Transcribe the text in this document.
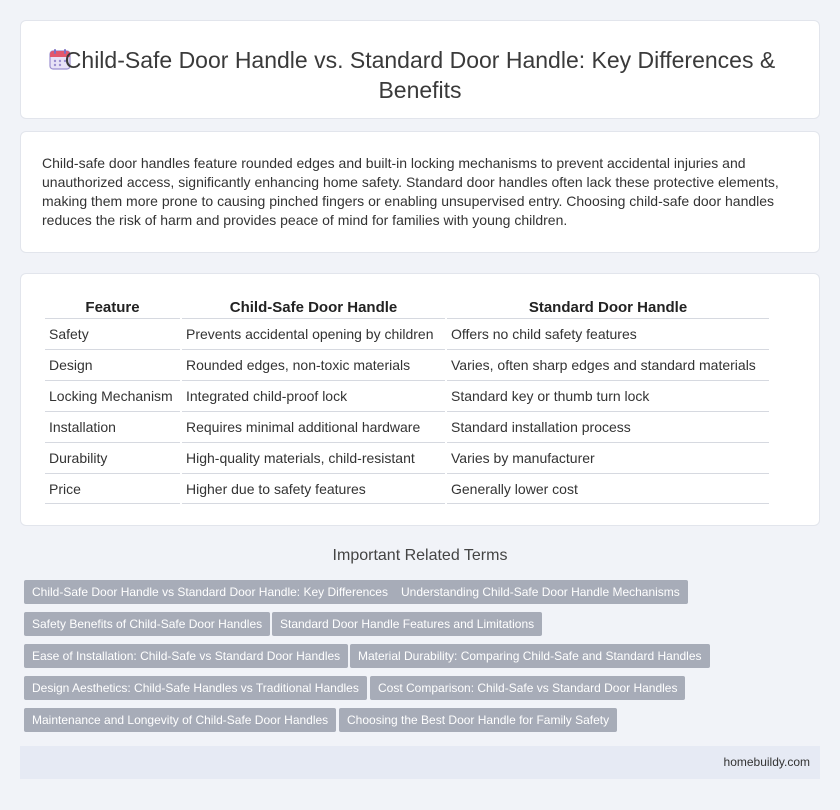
Child-Safe Door Handle vs. Standard Door Handle: Key Differences & Benefits

Child-safe door handles feature rounded edges and built-in locking mechanisms to prevent accidental injuries and unauthorized access, significantly enhancing home safety. Standard door handles often lack these protective elements, making them more prone to causing pinched fingers or enabling unsupervised entry. Choosing child-safe door handles reduces the risk of harm and provides peace of mind for families with young children.

Feature	Child-Safe Door Handle	Standard Door Handle
Safety	Prevents accidental opening by children	Offers no child safety features
Design	Rounded edges, non-toxic materials	Varies, often sharp edges and standard materials
Locking Mechanism	Integrated child-proof lock	Standard key or thumb turn lock
Installation	Requires minimal additional hardware	Standard installation process
Durability	High-quality materials, child-resistant	Varies by manufacturer
Price	Higher due to safety features	Generally lower cost
Important Related Terms
Child-Safe Door Handle vs Standard Door Handle: Key Differences	Understanding Child-Safe Door Handle Mechanisms
Safety Benefits of Child-Safe Door Handles	Standard Door Handle Features and Limitations
Ease of Installation: Child-Safe vs Standard Door Handles	Material Durability: Comparing Child-Safe and Standard Handles
Design Aesthetics: Child-Safe Handles vs Traditional Handles	Cost Comparison: Child-Safe vs Standard Door Handles
Maintenance and Longevity of Child-Safe Door Handles	Choosing the Best Door Handle for Family Safety
homebuildy.com
